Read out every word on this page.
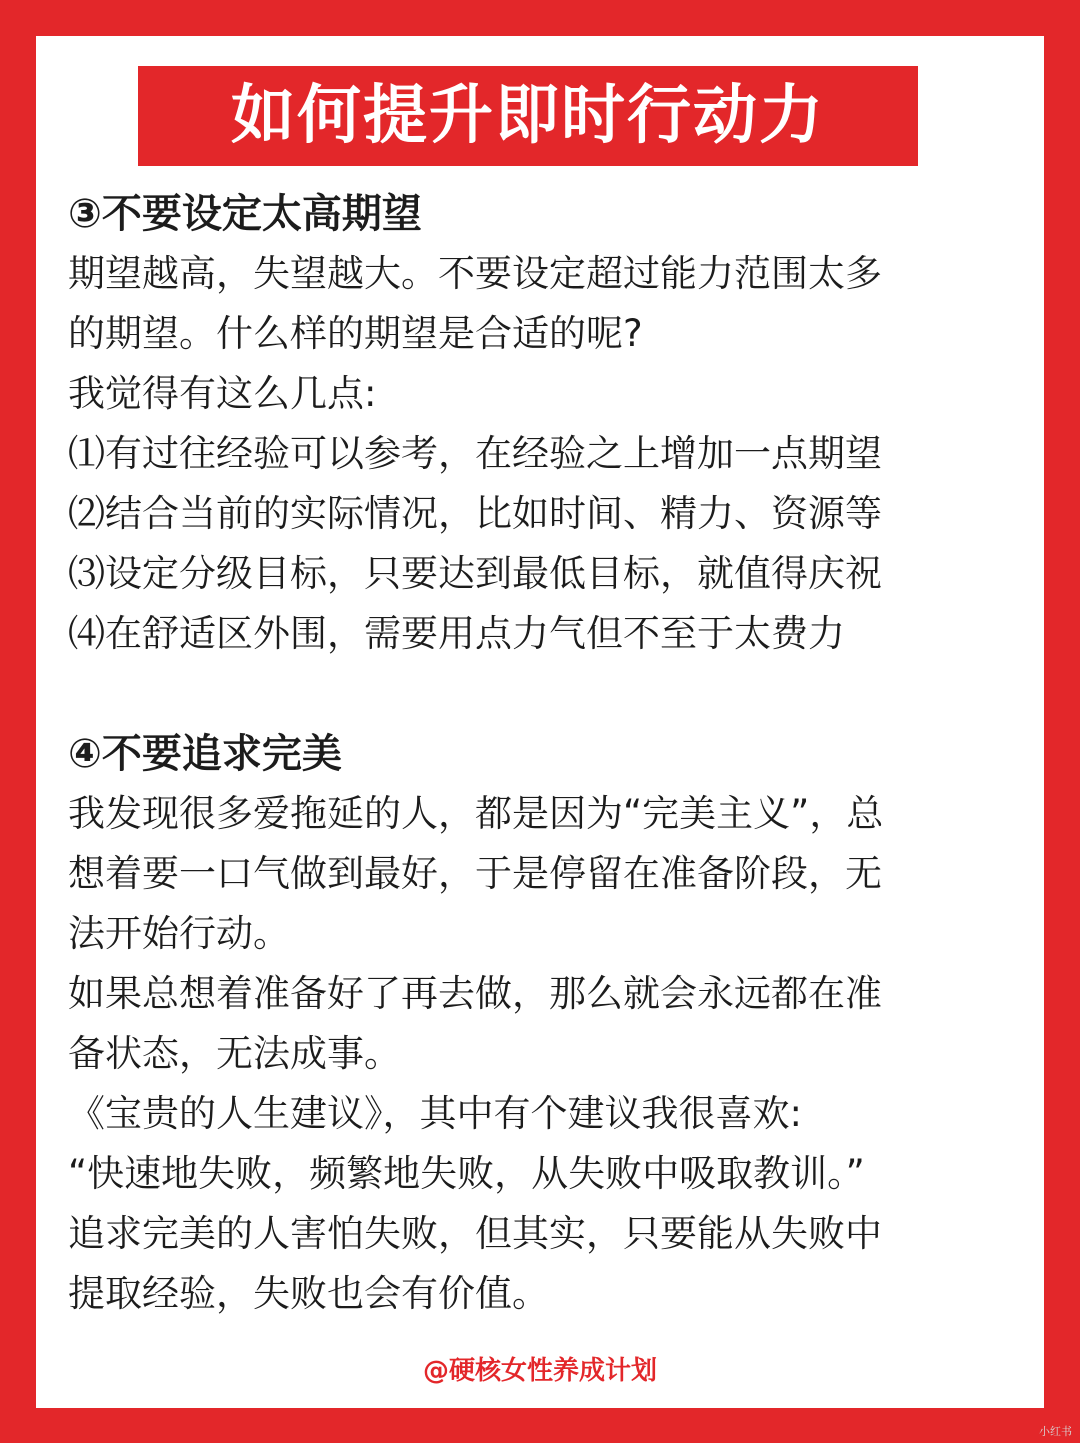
如何提升即时行动力
③不要设定太高期望
期望越高，失望越大。不要设定超过能力范围太多
的期望。什么样的期望是合适的呢?
我觉得有这么几点:
⑴有过往经验可以参考，在经验之上增加一点期望
⑵结合当前的实际情况，比如时间、精力、资源等
⑶设定分级目标，只要达到最低目标，就值得庆祝
⑷在舒适区外围，需要用点力气但不至于太费力
④不要追求完美
我发现很多爱拖延的人，都是因为“完美主义”，总
想着要一口气做到最好，于是停留在准备阶段，无
法开始行动。
如果总想着准备好了再去做，那么就会永远都在准
备状态，无法成事。
《宝贵的人生建议》，其中有个建议我很喜欢:
“快速地失败，频繁地失败，从失败中吸取教训。”
追求完美的人害怕失败，但其实，只要能从失败中
提取经验，失败也会有价值。
@硬核女性养成计划
小红书
